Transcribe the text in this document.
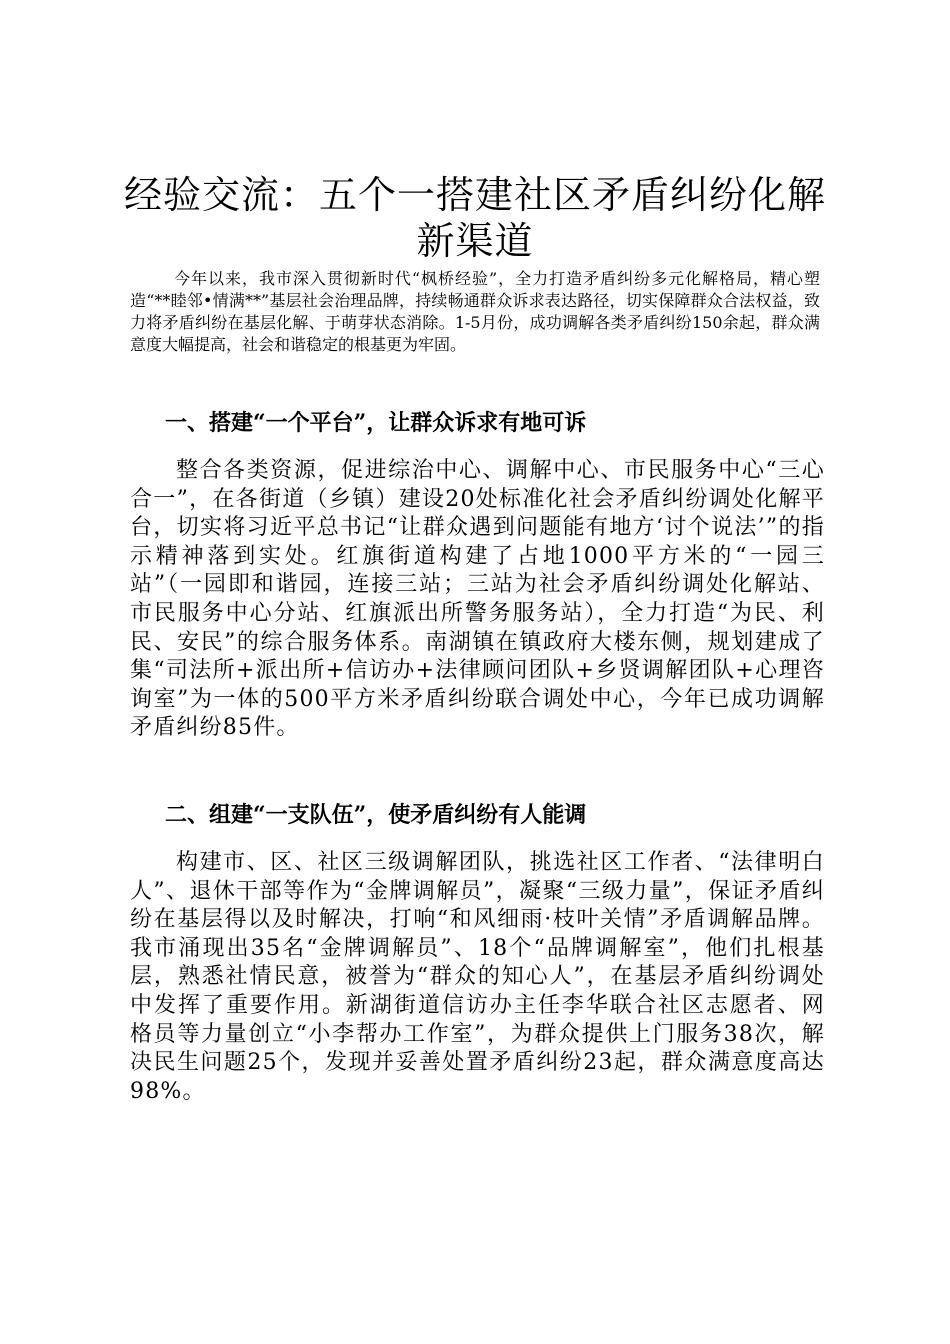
经验交流：五个一搭建社区矛盾纠纷化解新渠道

今年以来，我市深入贯彻新时代“枫桥经验”，全力打造矛盾纠纷多元化解格局，精心塑造“**睦邻•情满**”基层社会治理品牌，持续畅通群众诉求表达路径，切实保障群众合法权益，致力将矛盾纠纷在基层化解、于萌芽状态消除。1-5月份，成功调解各类矛盾纠纷150余起，群众满意度大幅提高，社会和谐稳定的根基更为牢固。

一、搭建“一个平台”，让群众诉求有地可诉

整合各类资源，促进综治中心、调解中心、市民服务中心“三心合一”，在各街道（乡镇）建设20处标准化社会矛盾纠纷调处化解平台，切实将习近平总书记“让群众遇到问题能有地方‘讨个说法’”的指示精神落到实处。红旗街道构建了占地1000平方米的“一园三站”（一园即和谐园，连接三站；三站为社会矛盾纠纷调处化解站、市民服务中心分站、红旗派出所警务服务站），全力打造“为民、利民、安民”的综合服务体系。南湖镇在镇政府大楼东侧，规划建成了集“司法所+派出所+信访办+法律顾问团队+乡贤调解团队+心理咨询室”为一体的500平方米矛盾纠纷联合调处中心，今年已成功调解矛盾纠纷85件。

二、组建“一支队伍”，使矛盾纠纷有人能调

构建市、区、社区三级调解团队，挑选社区工作者、“法律明白人”、退休干部等作为“金牌调解员”，凝聚“三级力量”，保证矛盾纠纷在基层得以及时解决，打响“和风细雨·枝叶关情”矛盾调解品牌。我市涌现出35名“金牌调解员”、18个“品牌调解室”，他们扎根基层，熟悉社情民意，被誉为“群众的知心人”，在基层矛盾纠纷调处中发挥了重要作用。新湖街道信访办主任李华联合社区志愿者、网格员等力量创立“小李帮办工作室”，为群众提供上门服务38次，解决民生问题25个，发现并妥善处置矛盾纠纷23起，群众满意度高达98%。
